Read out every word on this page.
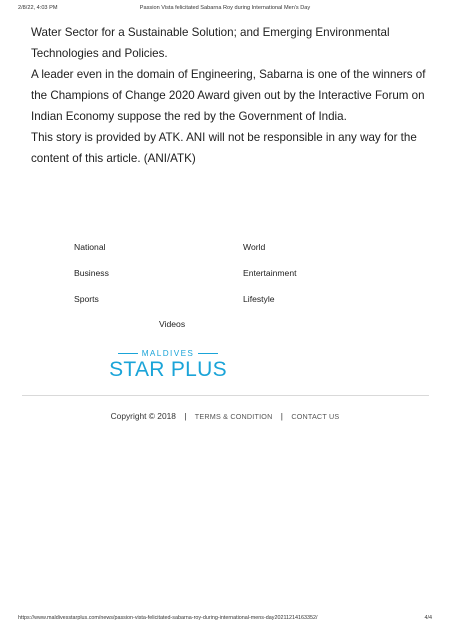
2/8/22, 4:03 PM	Passion Vista felicitated Sabarna Roy during International Men's Day

Water Sector for a Sustainable Solution; and Emerging Environmental Technologies and Policies.

A leader even in the domain of Engineering, Sabarna is one of the winners of the Champions of Change 2020 Award given out by the Interactive Forum on Indian Economy suppose the red by the Government of India.

This story is provided by ATK. ANI will not be responsible in any way for the content of this article. (ANI/ATK)

National	World
Business	Entertainment
Sports	Lifestyle
Videos
MALDIVES
STAR PLUS
Copyright © 2018 | TERMS & CONDITION | CONTACT US
https://www.maldivesstarplus.com/news/passion-vista-felicitated-sabarna-roy-during-international-mens-day20211214163352/	4/4
